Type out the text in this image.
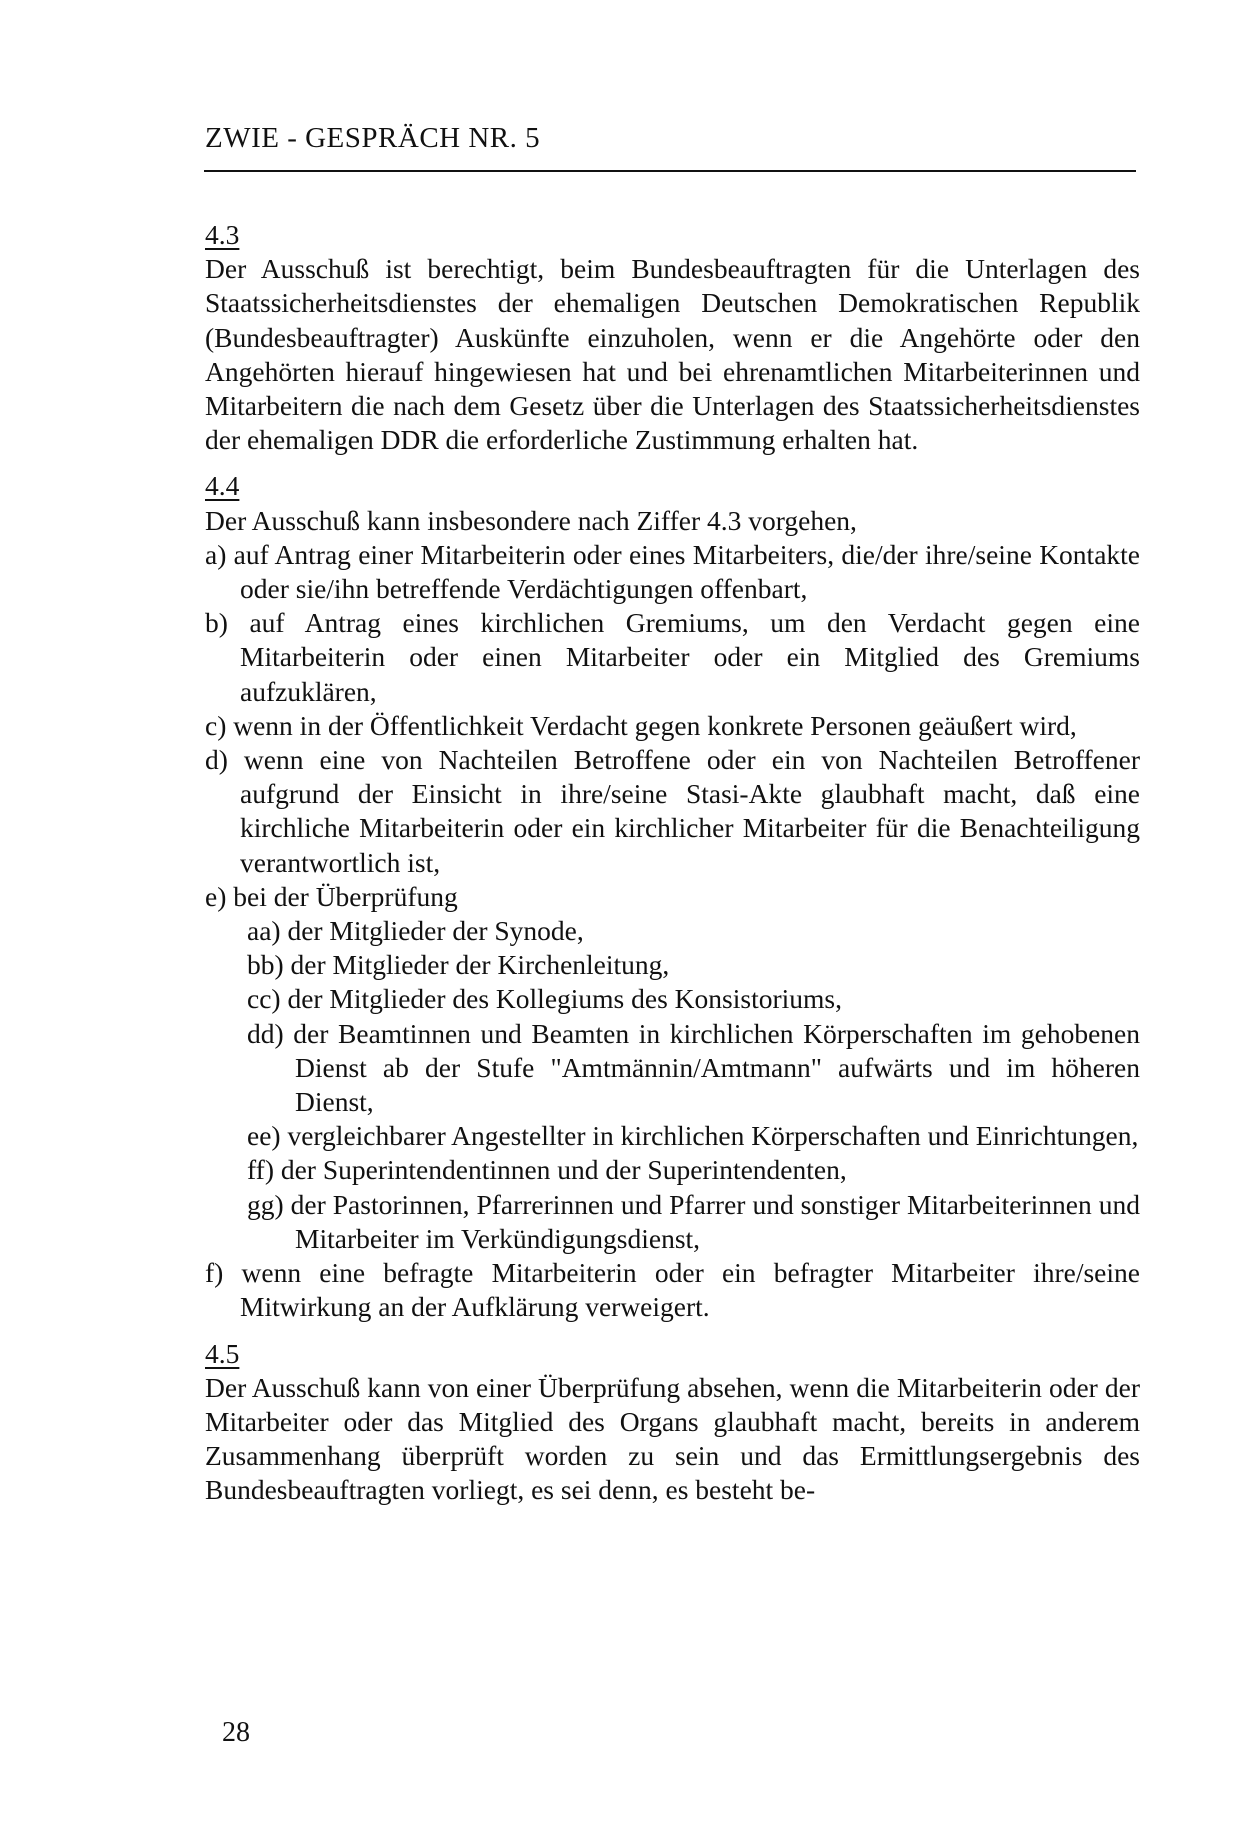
ZWIE - GESPRÄCH NR. 5
4.3

Der Ausschuß ist berechtigt, beim Bundesbeauftragten für die Unterlagen des Staatssicherheitsdienstes der ehemaligen Deutschen Demokratischen Republik (Bundesbeauftragter) Auskünfte einzuholen, wenn er die Angehörte oder den Angehörten hierauf hingewiesen hat und bei ehrenamtlichen Mitarbeiterinnen und Mitarbeitern die nach dem Gesetz über die Unterlagen des Staatssicherheitsdienstes der ehemaligen DDR die erforderliche Zustimmung erhalten hat.

4.4

Der Ausschuß kann insbesondere nach Ziffer 4.3 vorgehen,

a) auf Antrag einer Mitarbeiterin oder eines Mitarbeiters, die/der ihre/seine Kontakte oder sie/ihn betreffende Verdächtigungen offenbart,

b) auf Antrag eines kirchlichen Gremiums, um den Verdacht gegen eine Mitarbeiterin oder einen Mitarbeiter oder ein Mitglied des Gremiums aufzuklären,

c) wenn in der Öffentlichkeit Verdacht gegen konkrete Personen geäußert wird,

d) wenn eine von Nachteilen Betroffene oder ein von Nachteilen Betroffener aufgrund der Einsicht in ihre/seine Stasi-Akte glaubhaft macht, daß eine kirchliche Mitarbeiterin oder ein kirchlicher Mitarbeiter für die Benachteiligung verantwortlich ist,

e) bei der Überprüfung

aa) der Mitglieder der Synode,

bb) der Mitglieder der Kirchenleitung,

cc) der Mitglieder des Kollegiums des Konsistoriums,

dd) der Beamtinnen und Beamten in kirchlichen Körperschaften im gehobenen Dienst ab der Stufe "Amtmännin/Amtmann" aufwärts und im höheren Dienst,

ee) vergleichbarer Angestellter in kirchlichen Körperschaften und Einrichtungen,

ff) der Superintendentinnen und der Superintendenten,

gg) der Pastorinnen, Pfarrerinnen und Pfarrer und sonstiger Mitarbeiterinnen und Mitarbeiter im Verkündigungsdienst,

f) wenn eine befragte Mitarbeiterin oder ein befragter Mitarbeiter ihre/seine Mitwirkung an der Aufklärung verweigert.

4.5

Der Ausschuß kann von einer Überprüfung absehen, wenn die Mitarbeiterin oder der Mitarbeiter oder das Mitglied des Organs glaubhaft macht, bereits in anderem Zusammenhang überprüft worden zu sein und das Ermittlungsergebnis des Bundesbeauftragten vorliegt, es sei denn, es besteht be-

28
